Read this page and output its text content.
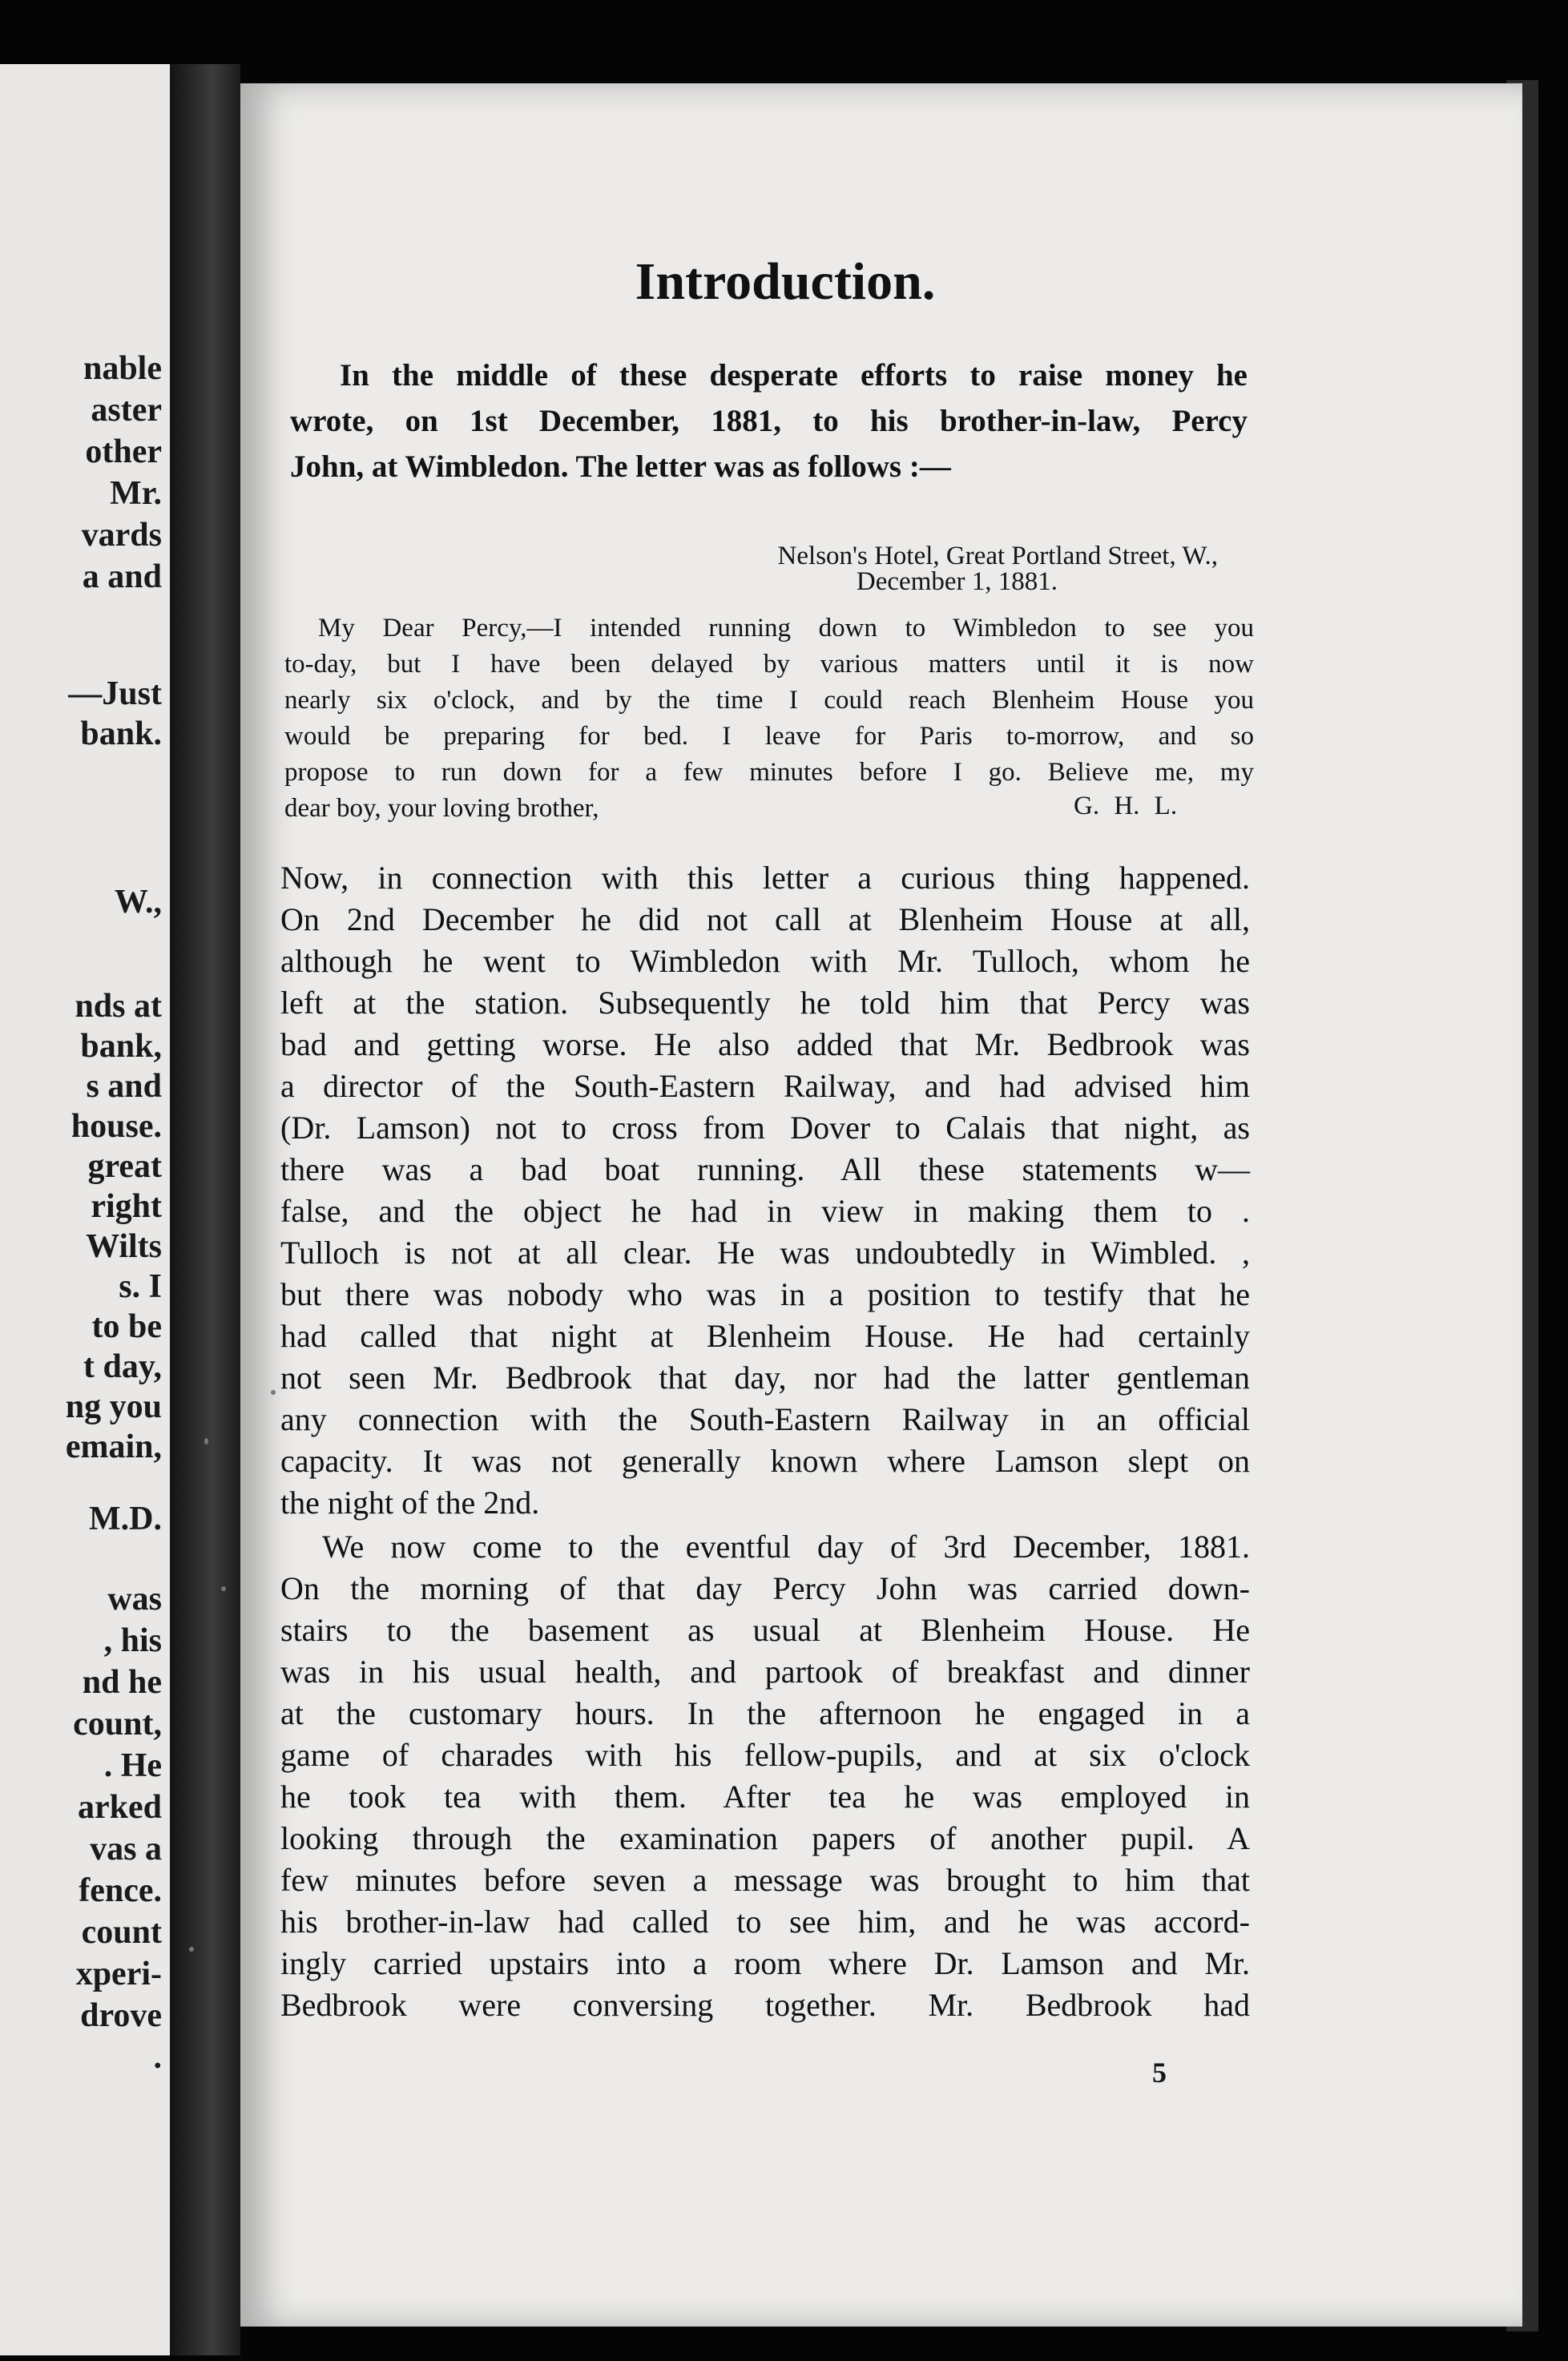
nable
aster
other
Mr.
vards
a and
—Just
bank.
W.,
nds at
bank,
s and
house.
great
right
Wilts
s. I
to be
t day,
ng you
emain,
M.D.
was
, his
nd he
count,
. He
arked
vas a
fence.
count
xperi-
drove
.
Introduction.
In the middle of these desperate efforts to raise money he
wrote, on 1st December, 1881, to his brother-in-law, Percy
John, at Wimbledon. The letter was as follows :—
Nelson's Hotel, Great Portland Street, W.,
December 1, 1881.
My Dear Percy,—I intended running down to Wimbledon to see you
to-day, but I have been delayed by various matters until it is now
nearly six o'clock, and by the time I could reach Blenheim House you
would be preparing for bed. I leave for Paris to-morrow, and so
propose to run down for a few minutes before I go. Believe me, my
dear boy, your loving brother,	G. H. L.
Now, in connection with this letter a curious thing happened.
On 2nd December he did not call at Blenheim House at all,
although he went to Wimbledon with Mr. Tulloch, whom he
left at the station. Subsequently he told him that Percy was
bad and getting worse. He also added that Mr. Bedbrook was
a director of the South-Eastern Railway, and had advised him
(Dr. Lamson) not to cross from Dover to Calais that night, as
there was a bad boat running. All these statements w—
false, and the object he had in view in making them to .
Tulloch is not at all clear. He was undoubtedly in Wimbled. ,
but there was nobody who was in a position to testify that he
had called that night at Blenheim House. He had certainly
not seen Mr. Bedbrook that day, nor had the latter gentleman
any connection with the South-Eastern Railway in an official
capacity. It was not generally known where Lamson slept on
the night of the 2nd.
We now come to the eventful day of 3rd December, 1881.
On the morning of that day Percy John was carried down-
stairs to the basement as usual at Blenheim House. He
was in his usual health, and partook of breakfast and dinner
at the customary hours. In the afternoon he engaged in a
game of charades with his fellow-pupils, and at six o'clock
he took tea with them. After tea he was employed in
looking through the examination papers of another pupil. A
few minutes before seven a message was brought to him that
his brother-in-law had called to see him, and he was accord-
ingly carried upstairs into a room where Dr. Lamson and Mr.
Bedbrook were conversing together. Mr. Bedbrook had
5
